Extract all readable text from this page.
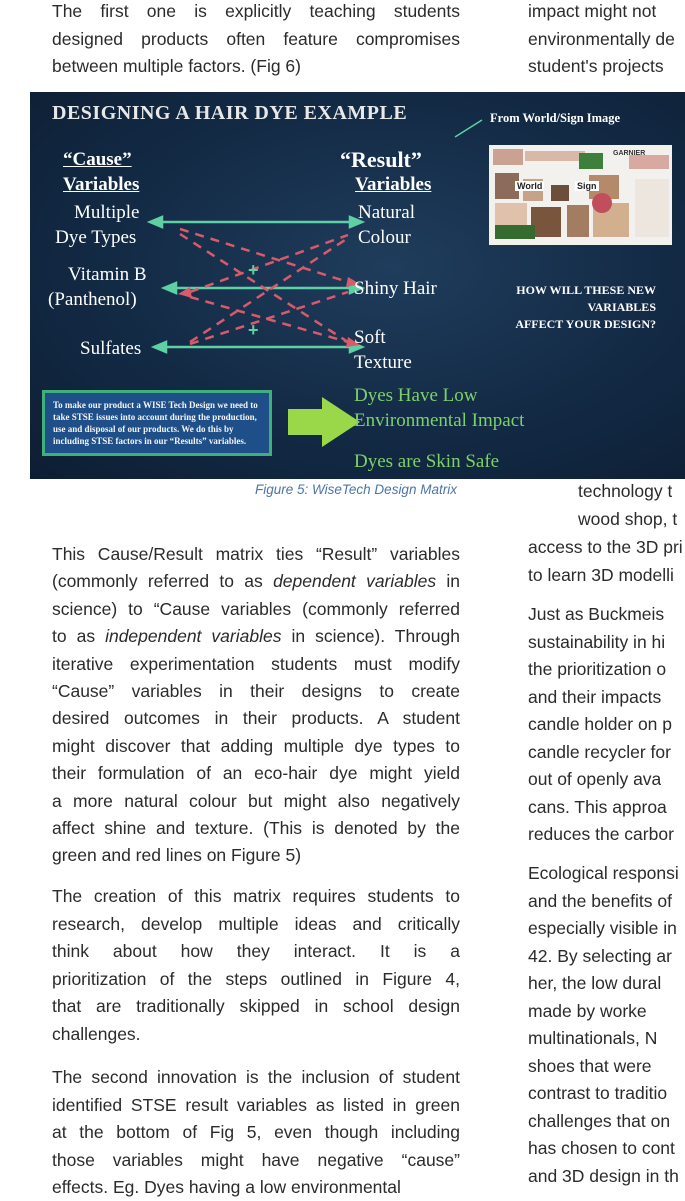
The first one is explicitly teaching students
designed products often feature compromises
between multiple factors. (Fig 6)
impact might not
environmentally de
student's projects
DESIGNING A HAIR DYE EXAMPLE	From World/Sign Image
+
+
“Cause”
Variables
“Result”
Variables
Multiple
Dye Types
Vitamin B
(Panthenol)
Sulfates
Natural
Colour
Shiny Hair
Soft
Texture
Dyes Have Low
Environmental Impact
Dyes are Skin Safe
HOW WILL THESE NEW
VARIABLES
AFFECT YOUR DESIGN?
To make our product a WISE Tech Design we need to take STSE issues into account during the production, use and disposal of our products. We do this by including STSE factors in our “Results” variables.
World	Sign
GARNIER
Figure 5: WiseTech Design Matrix	technology t
wood shop, t
This Cause/Result matrix ties “Result” variables
(commonly referred to as dependent variables in
science) to “Cause variables (commonly referred
to as independent variables in science). Through
iterative experimentation students must modify
“Cause” variables in their designs to create
desired outcomes in their products. A student
might discover that adding multiple dye types to
their formulation of an eco-hair dye might yield
a more natural colour but might also negatively
affect shine and texture. (This is denoted by the
green and red lines on Figure 5)
The creation of this matrix requires students to
research, develop multiple ideas and critically
think about how they interact. It is a
prioritization of the steps outlined in Figure 4,
that are traditionally skipped in school design
challenges.
The second innovation is the inclusion of student
identified STSE result variables as listed in green
at the bottom of Fig 5, even though including
those variables might have negative “cause”
effects. Eg. Dyes having a low environmental
access to the 3D pri
to learn 3D modelli
Just as Buckmeis
sustainability in hi
the prioritization o
and their impacts
candle holder on p
candle recycler for
out of openly ava
cans. This approa
reduces the carbor
Ecological responsi
and the benefits of
especially visible in
42. By selecting ar
her, the low dural
made by worke
multinationals, N
shoes that were
contrast to traditio
challenges that on
has chosen to cont
and 3D design in th
